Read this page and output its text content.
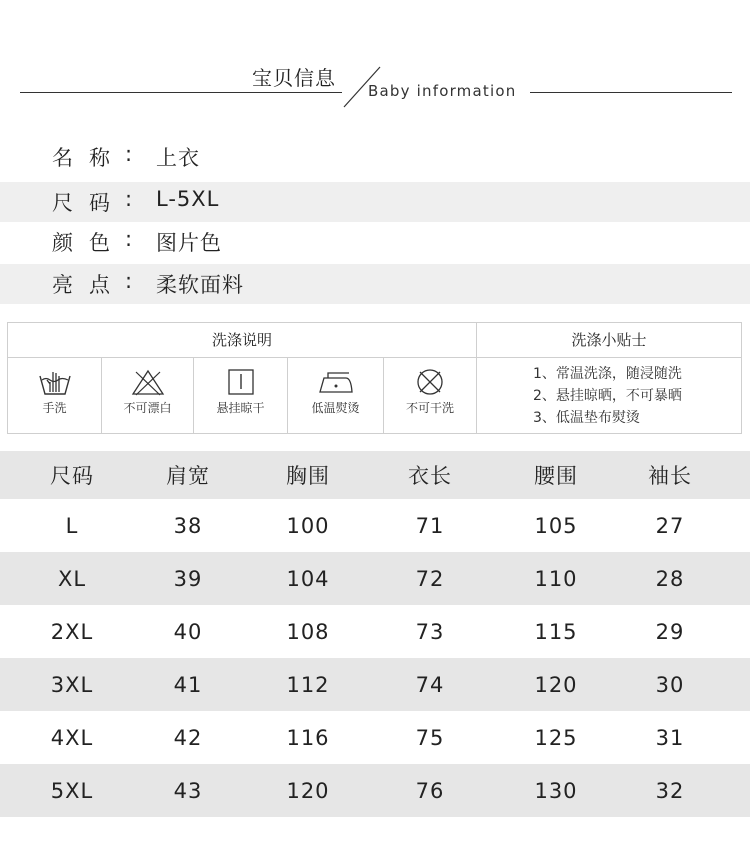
宝贝信息
Baby information
名称 : 上衣
尺码 : L-5XL
颜色 : 图片色
亮点 : 柔软面料
洗涤说明	洗涤小贴士
手洗	不可漂白	悬挂晾干	低温熨烫	不可干洗
1、常温洗涤，随浸随洗
2、悬挂晾晒，不可暴晒
3、低温垫布熨烫
尺码	肩宽	胸围	衣长	腰围	袖长
L	38	100	71	105	27
XL	39	104	72	110	28
2XL	40	108	73	115	29
3XL	41	112	74	120	30
4XL	42	116	75	125	31
5XL	43	120	76	130	32
